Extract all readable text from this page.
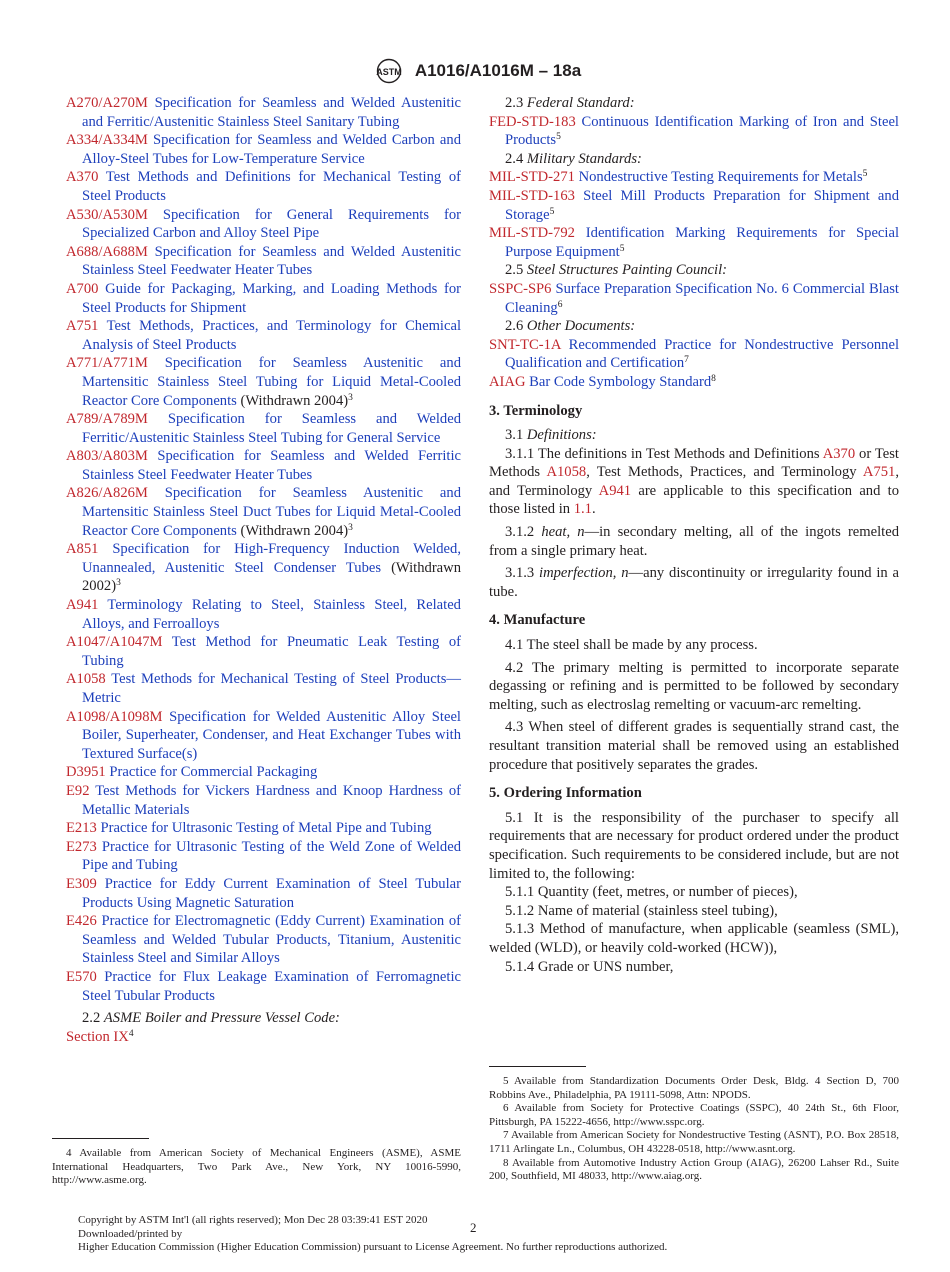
ASTM A1016/A1016M – 18a
A270/A270M Specification for Seamless and Welded Austenitic and Ferritic/Austenitic Stainless Steel Sanitary Tubing
A334/A334M Specification for Seamless and Welded Carbon and Alloy-Steel Tubes for Low-Temperature Service
A370 Test Methods and Definitions for Mechanical Testing of Steel Products
A530/A530M Specification for General Requirements for Specialized Carbon and Alloy Steel Pipe
A688/A688M Specification for Seamless and Welded Austenitic Stainless Steel Feedwater Heater Tubes
A700 Guide for Packaging, Marking, and Loading Methods for Steel Products for Shipment
A751 Test Methods, Practices, and Terminology for Chemical Analysis of Steel Products
A771/A771M Specification for Seamless Austenitic and Martensitic Stainless Steel Tubing for Liquid Metal-Cooled Reactor Core Components (Withdrawn 2004)$^3$
A789/A789M Specification for Seamless and Welded Ferritic/Austenitic Stainless Steel Tubing for General Service
A803/A803M Specification for Seamless and Welded Ferritic Stainless Steel Feedwater Heater Tubes
A826/A826M Specification for Seamless Austenitic and Martensitic Stainless Steel Duct Tubes for Liquid Metal-Cooled Reactor Core Components (Withdrawn 2004)$^3$
A851 Specification for High-Frequency Induction Welded, Unannealed, Austenitic Steel Condenser Tubes (Withdrawn 2002)$^3$
A941 Terminology Relating to Steel, Stainless Steel, Related Alloys, and Ferroalloys
A1047/A1047M Test Method for Pneumatic Leak Testing of Tubing
A1058 Test Methods for Mechanical Testing of Steel Products—Metric
A1098/A1098M Specification for Welded Austenitic Alloy Steel Boiler, Superheater, Condenser, and Heat Exchanger Tubes with Textured Surface(s)
D3951 Practice for Commercial Packaging
E92 Test Methods for Vickers Hardness and Knoop Hardness of Metallic Materials
E213 Practice for Ultrasonic Testing of Metal Pipe and Tubing
E273 Practice for Ultrasonic Testing of the Weld Zone of Welded Pipe and Tubing
E309 Practice for Eddy Current Examination of Steel Tubular Products Using Magnetic Saturation
E426 Practice for Electromagnetic (Eddy Current) Examination of Seamless and Welded Tubular Products, Titanium, Austenitic Stainless Steel and Similar Alloys
E570 Practice for Flux Leakage Examination of Ferromagnetic Steel Tubular Products
2.2 ASME Boiler and Pressure Vessel Code:
Section $IX^4$
2.3 Federal Standard:
FED-STD-183 Continuous Identification Marking of Iron and Steel Products$^5$
2.4 Military Standards:
MIL-STD-271 Nondestructive Testing Requirements for Metals$^5$
MIL-STD-163 Steel Mill Products Preparation for Shipment and Storage$^5$
MIL-STD-792 Identification Marking Requirements for Special Purpose Equipment$^5$
2.5 Steel Structures Painting Council:
SSPC-SP6 Surface Preparation Specification No. 6 Commercial Blast Cleaning$^6$
2.6 Other Documents:
SNT-TC-1A Recommended Practice for Nondestructive Personnel Qualification and Certification$^7$
AIAG Bar Code Symbology Standard$^8$
3. Terminology
3.1 Definitions:
3.1.1 The definitions in Test Methods and Definitions A370 or Test Methods A1058, Test Methods, Practices, and Terminology A751, and Terminology A941 are applicable to this specification and to those listed in 1.1.
3.1.2 heat, n—in secondary melting, all of the ingots remelted from a single primary heat.
3.1.3 imperfection, n—any discontinuity or irregularity found in a tube.
4. Manufacture
4.1 The steel shall be made by any process.
4.2 The primary melting is permitted to incorporate separate degassing or refining and is permitted to be followed by secondary melting, such as electroslag remelting or vacuum-arc remelting.
4.3 When steel of different grades is sequentially strand cast, the resultant transition material shall be removed using an established procedure that positively separates the grades.
5. Ordering Information
5.1 It is the responsibility of the purchaser to specify all requirements that are necessary for product ordered under the product specification. Such requirements to be considered include, but are not limited to, the following:
5.1.1 Quantity (feet, metres, or number of pieces),
5.1.2 Name of material (stainless steel tubing),
5.1.3 Method of manufacture, when applicable (seamless (SML), welded (WLD), or heavily cold-worked (HCW)),
5.1.4 Grade or UNS number,
4 Available from American Society of Mechanical Engineers (ASME), ASME International Headquarters, Two Park Ave., New York, NY 10016-5990, http://www.asme.org.
5 Available from Standardization Documents Order Desk, Bldg. 4 Section D, 700 Robbins Ave., Philadelphia, PA 19111-5098, Attn: NPODS.
6 Available from Society for Protective Coatings (SSPC), 40 24th St., 6th Floor, Pittsburgh, PA 15222-4656, http://www.sspc.org.
7 Available from American Society for Nondestructive Testing (ASNT), P.O. Box 28518, 1711 Arlingate Ln., Columbus, OH 43228-0518, http://www.asnt.org.
8 Available from Automotive Industry Action Group (AIAG), 26200 Lahser Rd., Suite 200, Southfield, MI 48033, http://www.aiag.org.
Copyright by ASTM Int'l (all rights reserved); Mon Dec 28 03:39:41 EST 2020
Downloaded/printed by
Higher Education Commission (Higher Education Commission) pursuant to License Agreement. No further reproductions authorized.
2
